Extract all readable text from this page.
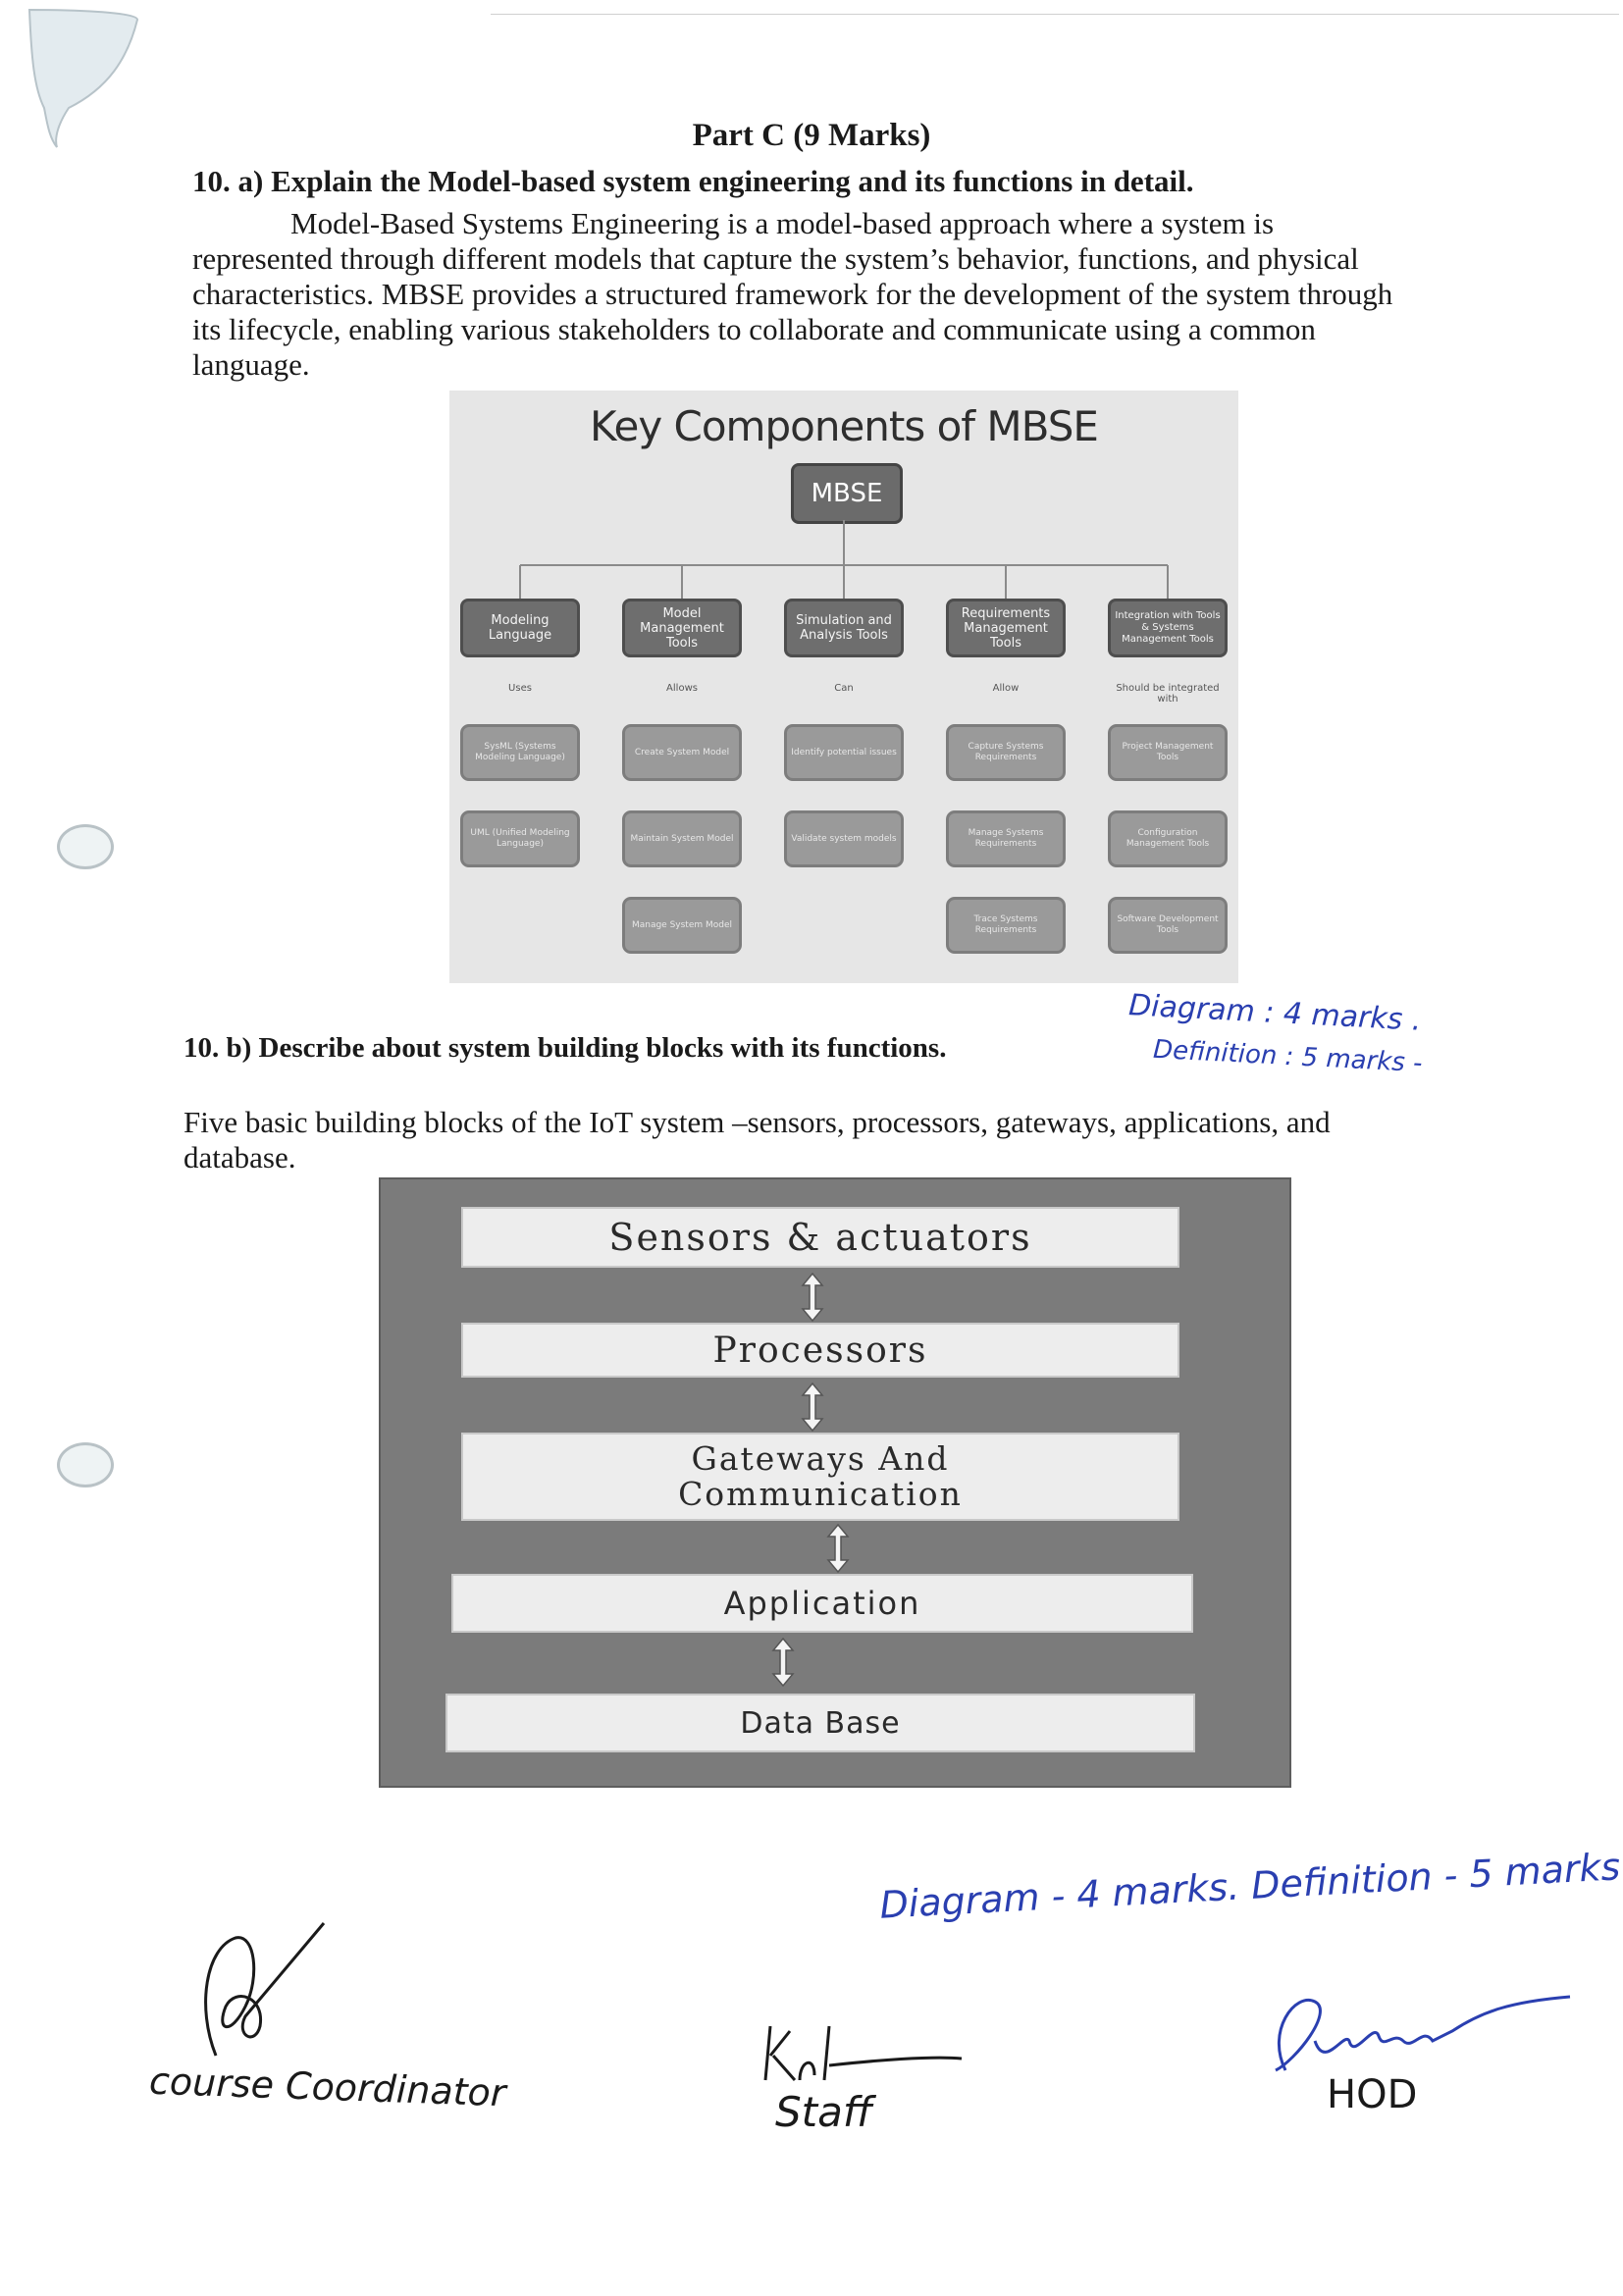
Part C (9 Marks)
10. a) Explain the Model-based system engineering and its functions in detail.
Model-Based Systems Engineering is a model-based approach where a system is
represented through different models that capture the system’s behavior, functions, and physical
characteristics. MBSE provides a structured framework for the development of the system through
its lifecycle, enabling various stakeholders to collaborate and communicate using a common
language.
Key Components of MBSE
MBSE
Modeling Language
Uses
SysML (Systems Modeling Language)
UML (Unified Modeling Language)
Model Management Tools
Allows
Create System Model
Maintain System Model
Manage System Model
Simulation and Analysis Tools
Can
Identify potential issues
Validate system models
Requirements Management Tools
Allow
Capture Systems Requirements
Manage Systems Requirements
Trace Systems Requirements
Integration with Tools & Systems Management Tools
Should be integrated with
Project Management Tools
Configuration Management Tools
Software Development Tools
10. b) Describe about system building blocks with its functions.
Diagram : 4 marks .
Definition : 5 marks -
Five basic building blocks of the IoT system –sensors, processors, gateways, applications, and
database.
Sensors & actuators
Processors
Gateways And
Communication
Application
Data Base
Diagram - 4 marks. Definition - 5 marks
course Coordinator	Staff	HOD
